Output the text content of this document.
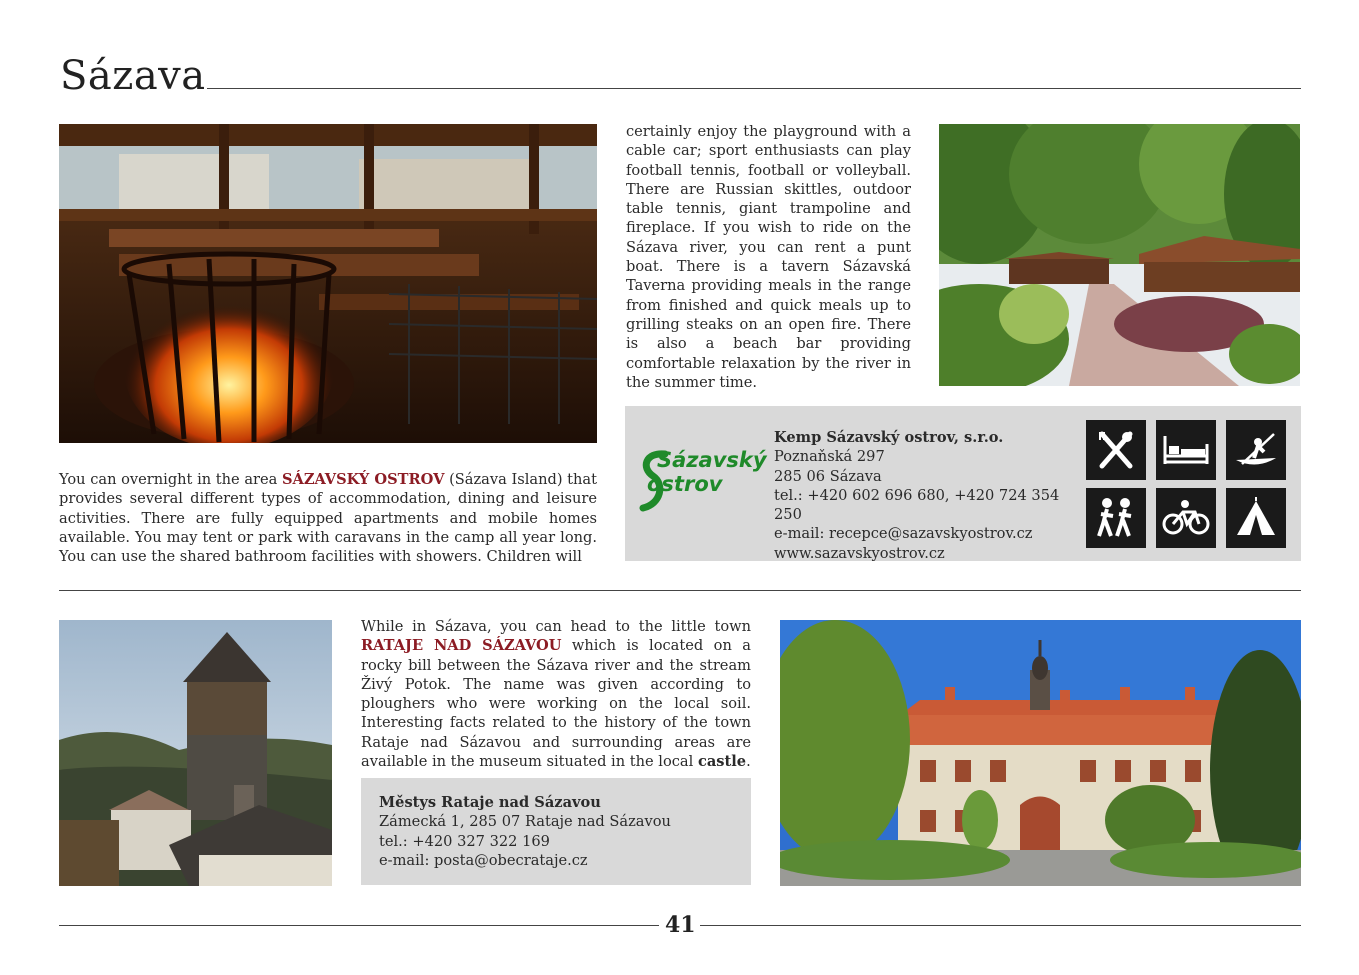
Sázava
You can overnight in the area SÁZAVSKÝ OSTROV (Sázava Island) that provides several different types of accommodation, dining and leisure activities. There are fully equipped apartments and mobile homes available. You may tent or park with caravans in the camp all year long. You can use the shared bathroom facilities with showers. Children will
certainly enjoy the playground with a cable car; sport enthusiasts can play football tennis, football or volleyball. There are Russian skittles, outdoor table tennis, giant trampoline and fireplace. If you wish to ride on the Sázava river, you can rent a punt boat. There is a tavern Sázavská Taverna providing meals in the range from finished and quick meals up to grilling steaks on an open fire. There is also a beach bar providing comfortable relaxation by the river in the summer time.
Sázavský
ostrov
Kemp Sázavský ostrov, s.r.o.
Poznaňská 297
285 06 Sázava
tel.: +420 602 696 680, +420 724 354 250
e-mail: recepce@sazavskyostrov.cz
www.sazavskyostrov.cz
While in Sázava, you can head to the little town RATAJE NAD SÁZAVOU which is located on a rocky bill between the Sázava river and the stream Živý Potok. The name was given according to ploughers who were working on the local soil. Interesting facts related to the history of the town Rataje nad Sázavou and surrounding areas are available in the museum situated in the local castle.
Městys Rataje nad Sázavou
Zámecká 1, 285 07 Rataje nad Sázavou
tel.: +420 327 322 169
e-mail: posta@obecrataje.cz
41
